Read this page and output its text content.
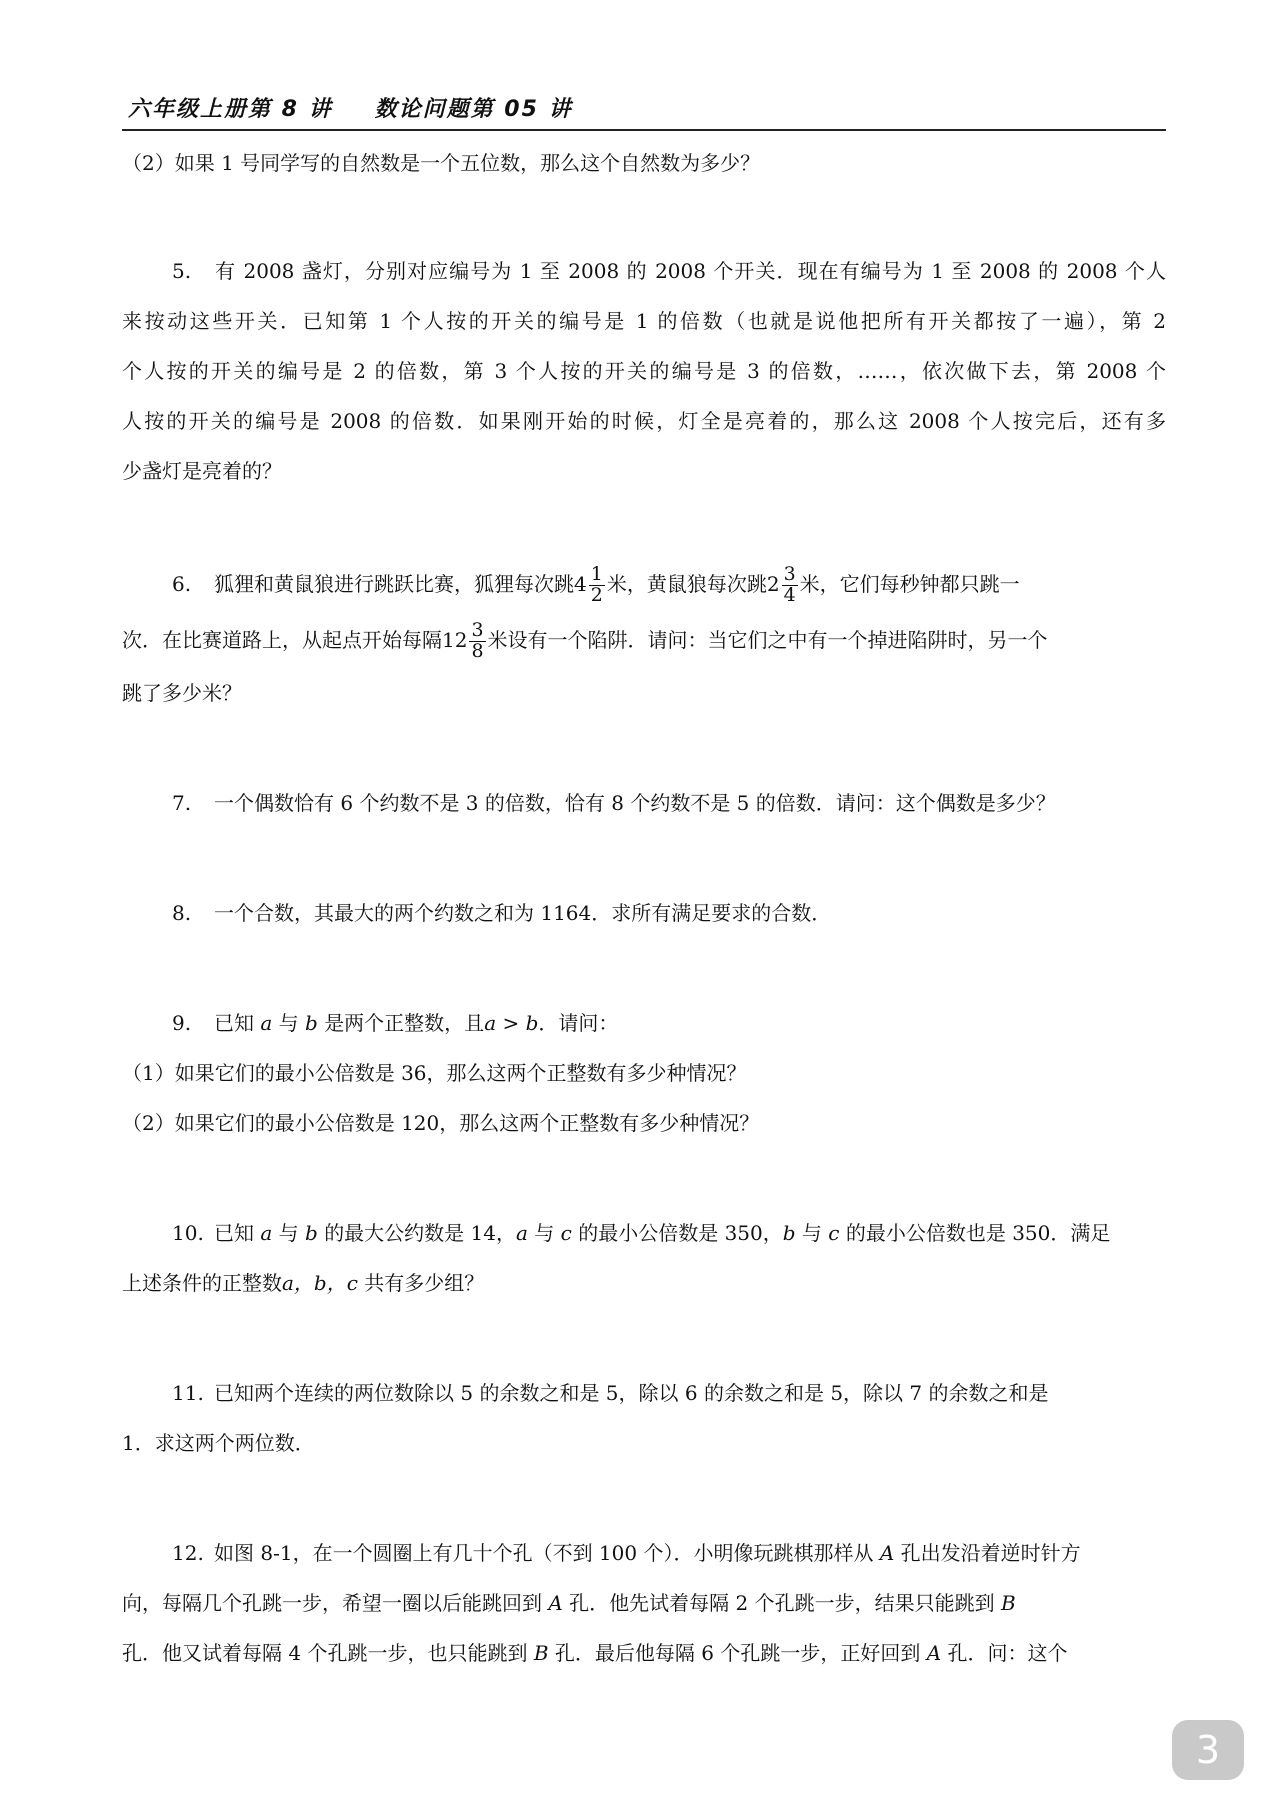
六年级上册第 8 讲 数论问题第 05 讲
（2）如果 1 号同学写的自然数是一个五位数，那么这个自然数为多少？
5. 有 2008 盏灯，分别对应编号为 1 至 2008 的 2008 个开关．现在有编号为 1 至 2008 的 2008 个人
来按动这些开关．已知第 1 个人按的开关的编号是 1 的倍数（也就是说他把所有开关都按了一遍），第 2
个人按的开关的编号是 2 的倍数，第 3 个人按的开关的编号是 3 的倍数，……，依次做下去，第 2008 个
人按的开关的编号是 2008 的倍数．如果刚开始的时候，灯全是亮着的，那么这 2008 个人按完后，还有多
少盏灯是亮着的？
6. 狐狸和黄鼠狼进行跳跃比赛，狐狸每次跳$4 \frac{1}{2}$ 米，黄鼠狼每次跳$2 \frac{3}{4}$ 米，它们每秒钟都只跳一
次．在比赛道路上，从起点开始每隔$12 \frac{3}{8}$ 米设有一个陷阱．请问：当它们之中有一个掉进陷阱时，另一个
跳了多少米？
7. 一个偶数恰有 6 个约数不是 3 的倍数，恰有 8 个约数不是 5 的倍数．请问：这个偶数是多少？
8. 一个合数，其最大的两个约数之和为 1164．求所有满足要求的合数．
9. 已知 a 与 b 是两个正整数，且a > b．请问：
（1）如果它们的最小公倍数是 36，那么这两个正整数有多少种情况？
（2）如果它们的最小公倍数是 120，那么这两个正整数有多少种情况？
10. 已知 a 与 b 的最大公约数是 14，a 与 c 的最小公倍数是 350，b 与 c 的最小公倍数也是 350．满足
上述条件的正整数a，b，c 共有多少组？
11. 已知两个连续的两位数除以 5 的余数之和是 5，除以 6 的余数之和是 5，除以 7 的余数之和是
1．求这两个两位数．
12. 如图 8-1，在一个圆圈上有几十个孔（不到 100 个）．小明像玩跳棋那样从 A 孔出发沿着逆时针方
向，每隔几个孔跳一步，希望一圈以后能跳回到 A 孔．他先试着每隔 2 个孔跳一步，结果只能跳到 B
孔．他又试着每隔 4 个孔跳一步，也只能跳到 B 孔．最后他每隔 6 个孔跳一步，正好回到 A 孔．问：这个
3
